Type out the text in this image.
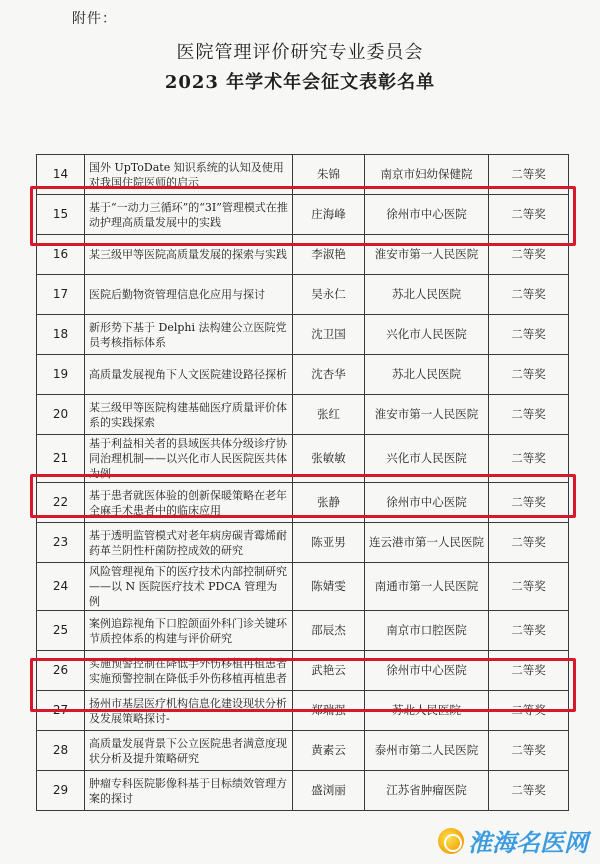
附件：
医院管理评价研究专业委员会
2023 年学术年会征文表彰名单
14	国外 UpToDate 知识系统的认知及使用对我国住院医师的启示	朱锦	南京市妇幼保健院	二等奖
15	基于“一动力三循环”的“3I”管理模式在推动护理高质量发展中的实践	庄海峰	徐州市中心医院	二等奖
16	某三级甲等医院高质量发展的探索与实践	李淑艳	淮安市第一人民医院	二等奖
17	医院后勤物资管理信息化应用与探讨	吴永仁	苏北人民医院	二等奖
18	新形势下基于 Delphi 法构建公立医院党员考核指标体系	沈卫国	兴化市人民医院	二等奖
19	高质量发展视角下人文医院建设路径探析	沈杏华	苏北人民医院	二等奖
20	某三级甲等医院构建基础医疗质量评价体系的实践探索	张红	淮安市第一人民医院	二等奖
21	基于利益相关者的县域医共体分级诊疗协同治理机制——以兴化市人民医院医共体为例	张敏敏	兴化市人民医院	二等奖
22	基于患者就医体验的创新保暖策略在老年全麻手术患者中的临床应用	张静	徐州市中心医院	二等奖
23	基于透明监管模式对老年病房碳青霉烯耐药革兰阴性杆菌防控成效的研究	陈亚男	连云港市第一人民医院	二等奖
24	风险管理视角下的医疗技术内部控制研究——以 N 医院医疗技术 PDCA 管理为例	陈婧雯	南通市第一人民医院	二等奖
25	案例追踪视角下口腔颌面外科门诊关键环节质控体系的构建与评价研究	邵辰杰	南京市口腔医院	二等奖
26	实施预警控制在降低手外伤移植再植患者实施预警控制在降低手外伤移植再植患者	武艳云	徐州市中心医院	二等奖
27	扬州市基层医疗机构信息化建设现状分析及发展策略探讨-	郑瑞强	苏北人民医院	二等奖
28	高质量发展背景下公立医院患者满意度现状分析及提升策略研究	黄素云	泰州市第二人民医院	二等奖
29	肿瘤专科医院影像科基于目标绩效管理方案的探讨	盛浏丽	江苏省肿瘤医院	二等奖
淮海名医网
